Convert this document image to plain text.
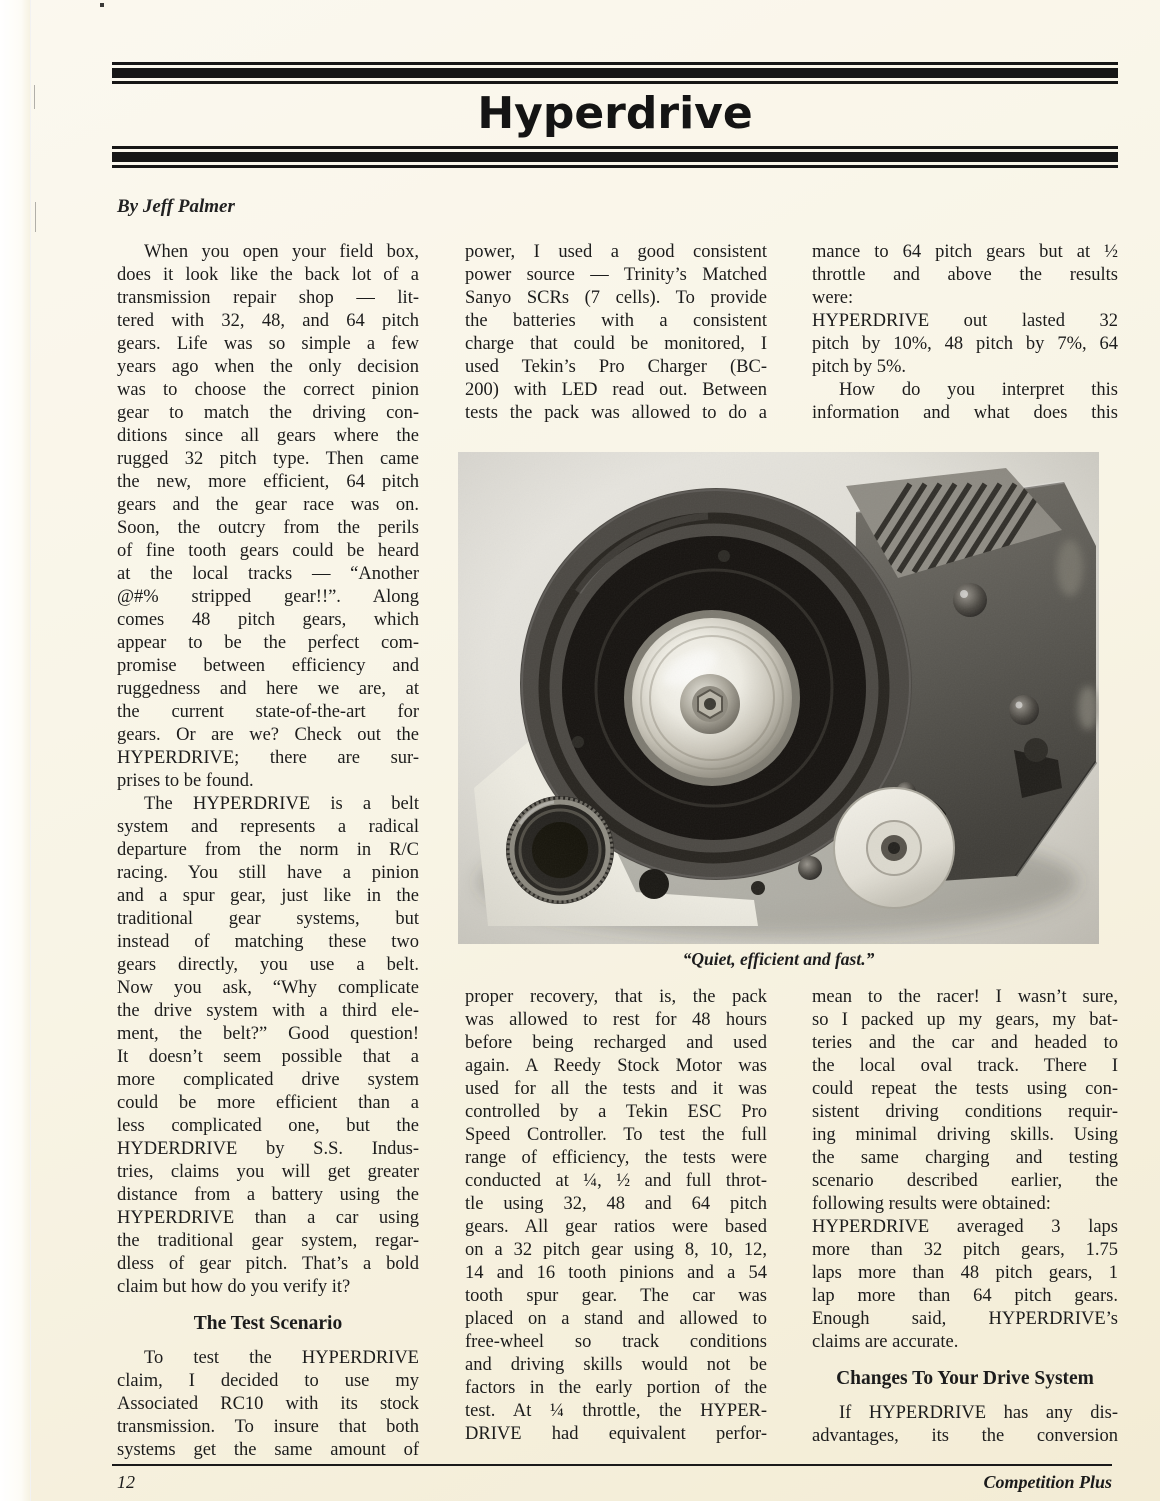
Hyperdrive
By Jeff Palmer
When you open your field box,
does it look like the back lot of a
transmission repair shop — lit-
tered with 32, 48, and 64 pitch
gears. Life was so simple a few
years ago when the only decision
was to choose the correct pinion
gear to match the driving con-
ditions since all gears where the
rugged 32 pitch type. Then came
the new, more efficient, 64 pitch
gears and the gear race was on.
Soon, the outcry from the perils
of fine tooth gears could be heard
at the local tracks — “Another
@#% stripped gear!!”. Along
comes 48 pitch gears, which
appear to be the perfect com-
promise between efficiency and
ruggedness and here we are, at
the current state-of-the-art for
gears. Or are we? Check out the
HYPERDRIVE; there are sur-
prises to be found.
The HYPERDRIVE is a belt
system and represents a radical
departure from the norm in R/C
racing. You still have a pinion
and a spur gear, just like in the
traditional gear systems, but
instead of matching these two
gears directly, you use a belt.
Now you ask, “Why complicate
the drive system with a third ele-
ment, the belt?” Good question!
It doesn’t seem possible that a
more complicated drive system
could be more efficient than a
less complicated one, but the
HYDERDRIVE by S.S. Indus-
tries, claims you will get greater
distance from a battery using the
HYPERDRIVE than a car using
the traditional gear system, regar-
dless of gear pitch. That’s a bold
claim but how do you verify it?
The Test Scenario
To test the HYPERDRIVE
claim, I decided to use my
Associated RC10 with its stock
transmission. To insure that both
systems get the same amount of
power, I used a good consistent
power source — Trinity’s Matched
Sanyo SCRs (7 cells). To provide
the batteries with a consistent
charge that could be monitored, I
used Tekin’s Pro Charger (BC-
200) with LED read out. Between
tests the pack was allowed to do a
mance to 64 pitch gears but at ½
throttle and above the results
were:
HYPERDRIVE out lasted 32
pitch by 10%, 48 pitch by 7%, 64
pitch by 5%.
How do you interpret this
information and what does this
proper recovery, that is, the pack
was allowed to rest for 48 hours
before being recharged and used
again. A Reedy Stock Motor was
used for all the tests and it was
controlled by a Tekin ESC Pro
Speed Controller. To test the full
range of efficiency, the tests were
conducted at ¼, ½ and full throt-
tle using 32, 48 and 64 pitch
gears. All gear ratios were based
on a 32 pitch gear using 8, 10, 12,
14 and 16 tooth pinions and a 54
tooth spur gear. The car was
placed on a stand and allowed to
free-wheel so track conditions
and driving skills would not be
factors in the early portion of the
test. At ¼ throttle, the HYPER-
DRIVE had equivalent perfor-
mean to the racer! I wasn’t sure,
so I packed up my gears, my bat-
teries and the car and headed to
the local oval track. There I
could repeat the tests using con-
sistent driving conditions requir-
ing minimal driving skills. Using
the same charging and testing
scenario described earlier, the
following results were obtained:
HYPERDRIVE averaged 3 laps
more than 32 pitch gears, 1.75
laps more than 48 pitch gears, 1
lap more than 64 pitch gears.
Enough said, HYPERDRIVE’s
claims are accurate.
Changes To Your Drive System
If HYPERDRIVE has any dis-
advantages, its the conversion
“Quiet, efficient and fast.”
12	Competition Plus
